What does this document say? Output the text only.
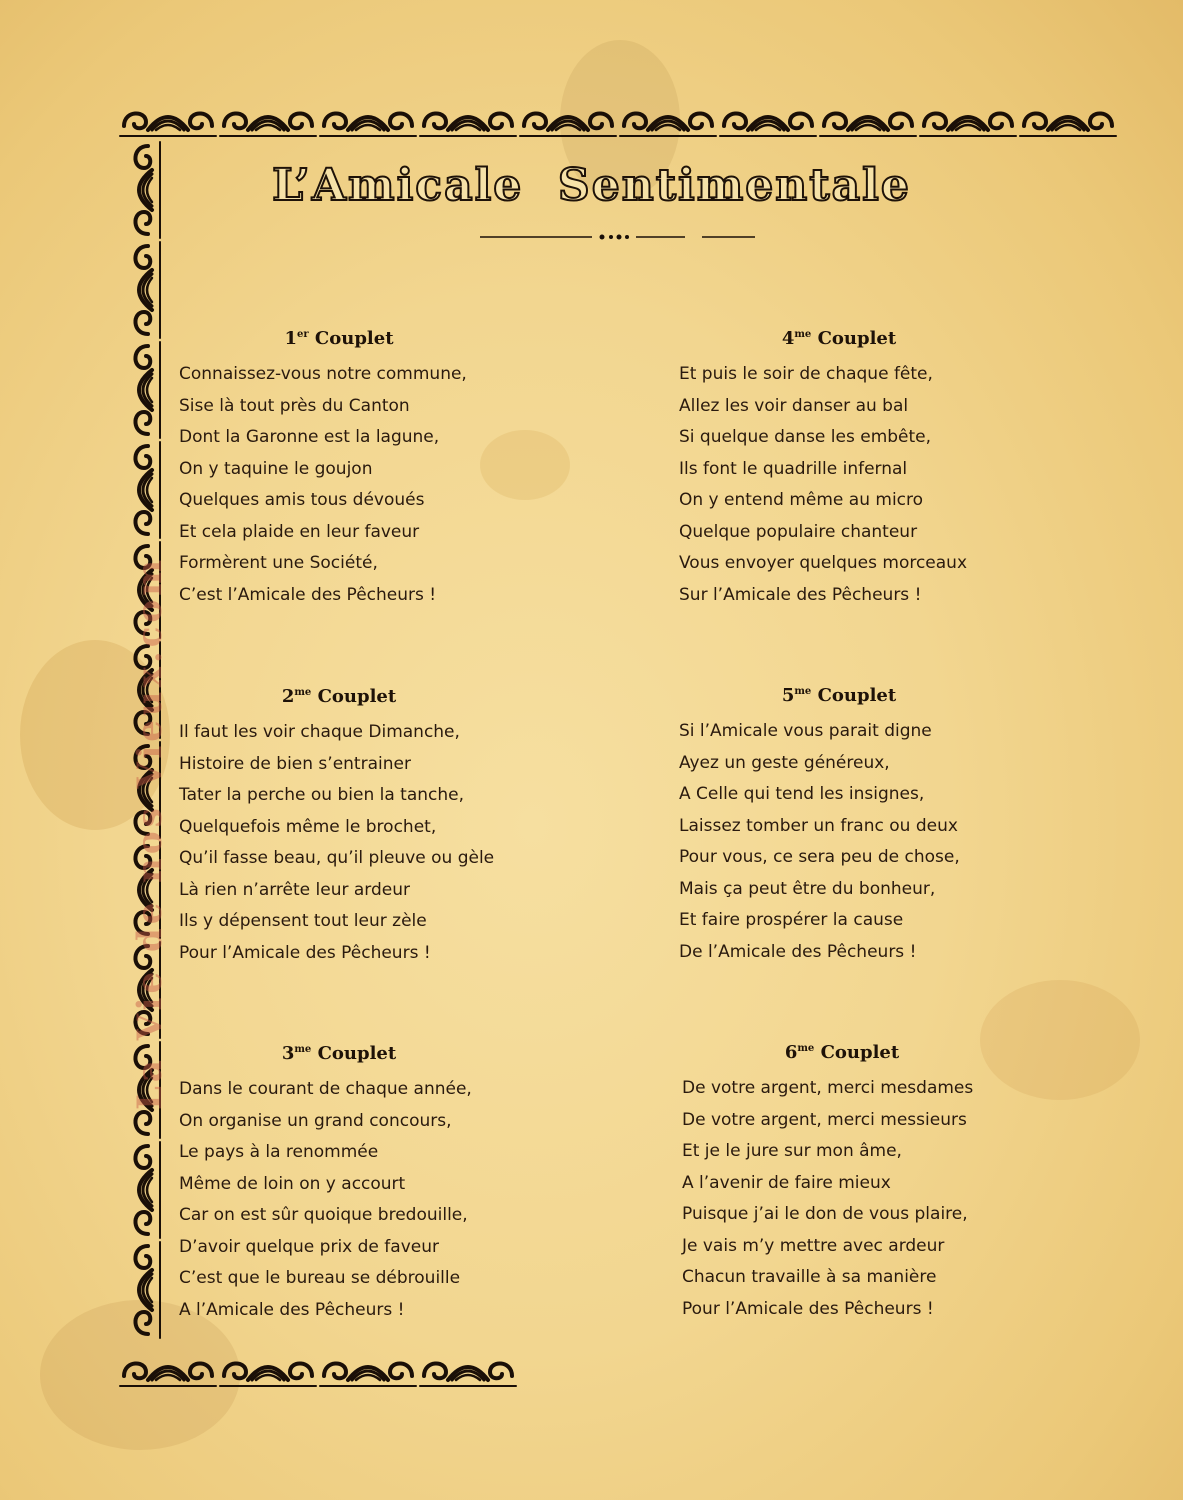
La Vie de nos Vieux.com
L’Amicale  Sentimentale
1er Couplet
Connaissez-vous notre commune,
Sise là tout près du Canton
Dont la Garonne est la lagune,
On y taquine le goujon
Quelques amis tous dévoués
Et cela plaide en leur faveur
Formèrent une Société,
C’est l’Amicale des Pêcheurs !
$2^{me}$ Couplet
Il faut les voir chaque Dimanche,
Histoire de bien s’entrainer
Tater la perche ou bien la tanche,
Quelquefois même le brochet,
Qu’il fasse beau, qu’il pleuve ou gèle
Là rien n’arrête leur ardeur
Ils y dépensent tout leur zèle
Pour l’Amicale des Pêcheurs !
$3^{me}$ Couplet
Dans le courant de chaque année,
On organise un grand concours,
Le pays à la renommée
Même de loin on y accourt
Car on est sûr quoique bredouille,
D’avoir quelque prix de faveur
C’est que le bureau se débrouille
A l’Amicale des Pêcheurs !
$4^{me}$ Couplet
Et puis le soir de chaque fête,
Allez les voir danser au bal
Si quelque danse les embête,
Ils font le quadrille infernal
On y entend même au micro
Quelque populaire chanteur
Vous envoyer quelques morceaux
Sur l’Amicale des Pêcheurs !
$5^{me}$ Couplet
Si l’Amicale vous parait digne
Ayez un geste généreux,
A Celle qui tend les insignes,
Laissez tomber un franc ou deux
Pour vous, ce sera peu de chose,
Mais ça peut être du bonheur,
Et faire prospérer la cause
De l’Amicale des Pêcheurs !
$6^{me}$ Couplet
De votre argent, merci mesdames
De votre argent, merci messieurs
Et je le jure sur mon âme,
A l’avenir de faire mieux
Puisque j’ai le don de vous plaire,
Je vais m’y mettre avec ardeur
Chacun travaille à sa manière
Pour l’Amicale des Pêcheurs !
